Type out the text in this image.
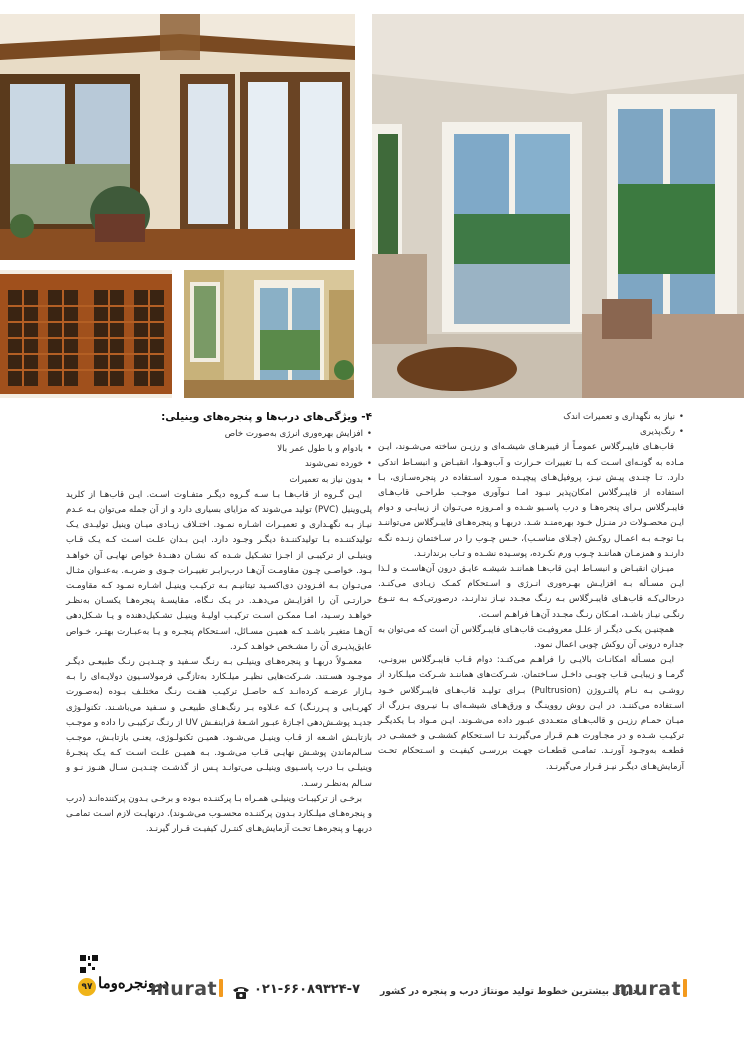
• نیاز به نگهداری و تعمیرات اندک
• رنگ‌پذیری

قاب‌هـای فایبـرگلاس عمومـاً از فیبرهـای شیشـه‌ای و رزیـن ساخته می‌شـوند، ایـن مـاده به گونـه‌ای اسـت کـه بـا تغییرات حـرارت و آب‌وهـوا، انقبـاض و انبسـاط اندکی دارد. تـا چنـدی پیـش نیـز، پروفیل‌هـای پیچیـده مـورد اسـتفاده در پنجره‌سـازی، بـا استفاده از فایبـرگلاس امکان‌پذیر نبـود امـا نـوآوری موجـب طراحـی قاب‌هـای فایبـرگلاس بـرای پنجره‌هـا و درب پاسـیو شـده و امـروزه می‌تـوان از زیبایـی و دوام ایـن محصـولات در منـزل خـود بهره‌منـد شـد. دربهـا و پنجره‌هـای فایبـرگلاس می‌تواننـد بـا توجـه بـه اعمـال روکـش (جـلای مناسـب)، حـس چـوب را در سـاختمان زنـده نگـه دارنـد و همزمـان هماننـد چـوب ورم نکـرده، پوسـیده نشـده و تـاب برندارنـد.

میـزان انقبـاض و انبسـاط ایـن قاب‌هـا هماننـد شیشـه عایـق درون آن‌هاسـت و لـذا ایـن مسـأله بـه افزایـش بهـره‌وری انـرژی و اسـتحکام کمـک زیـادی می‌کنـد. درحالی‌کـه قاب‌هـای فایبـرگلاس بـه رنـگ مجـدد نیـاز ندارنـد، درصورتی‌کـه بـه تنـوع رنگـی نیـاز باشـد، امـکان رنـگ مجـدد آن‌هـا فراهـم اسـت.

همچنیـن یکـی دیگـر از علـل معروفیـت قاب‌هـای فایبـرگلاس آن است که می‌توان به جداره درونی آن روکش چوبی اعمال نمود.

ایـن مسـأله امکانـات بالایـی را فراهـم می‌کنـد: دوام قـاب فایبـرگلاس بیرونـی، گرمـا و زیبایـی قـاب چوبـی داخـل سـاختمان. شـرکت‌های هماننـد شـرکت میلـکارد از روشـی بـه نـام پالتـروژن (Pultrusion) بـرای تولیـد قاب‌هـای فایبـرگلاس خـود اسـتفاده می‌کننـد. در ایـن روش رووینـگ و ورق‌هـای شیشـه‌ای بـا نیـروی بـزرگ از میـان حمـام رزیـن و قالب‌هـای متعـددی عبـور داده می‌شـوند. ایـن مـواد بـا یکدیگـر ترکیـب شـده و در مجـاورت هـم قـرار می‌گیرنـد تـا اسـتحکام کششـی و خمشـی در قطعـه به‌وجـود آورنـد. تمامـی قطعـات جهـت بررسـی کیفیـت و اسـتحکام تحـت آزمایش‌هـای دیگـر نیـز قـرار می‌گیرنـد.

۴- ویژگی‌های درب‌ها و پنجره‌های وینیلی:
• افزایش بهره‌وری انرژی به‌صورت خاص
• بادوام و با طول عمر بالا
• خورده نمی‌شوند
• بدون نیاز به تعمیرات

ایـن گـروه از قاب‌هـا بـا سـه گـروه دیگـر متفـاوت اسـت. ایـن قاب‌هـا از کلرید پلی‌وینیل (PVC) تولید می‌شوند که مزایای بسیاری دارد و از آن جمله می‌توان بـه عـدم نیـاز بـه نگهـداری و تعمیـرات اشـاره نمـود. اختـلاف زیـادی میـان وینیل تولیـدی یـک تولیدکننـده بـا تولیدکننـدۀ دیگـر وجـود دارد. ایـن بـدان علـت اسـت کـه یـک قـاب وینیلـی از ترکیبـی از اجـزا تشـکیل شـده که نشـان دهنـدۀ خواص نهایـی آن خواهـد بـود. خواصـی چـون مقاومـت آن‌هـا درب‌رابـر تغییـرات جـوی و ضربـه. به‌عنـوان مثـال می‌تـوان بـه افـزودن دی‌اکسـید تیتانیـم بـه ترکیـب وینیـل اشـاره نمـود کـه مقاومـت حرارتـی آن را افزایـش می‌دهـد. در یـک نـگاه، مقایسـۀ پنجره‌هـا یکسـان به‌نظـر خواهـد رسـید، امـا ممکـن اسـت ترکیـب اولیـۀ وینیـل تشـکیل‌دهنده و یـا شـکل‌دهی آن‌هـا متغیـر باشـد کـه همیـن مسـائل، اسـتحکام پنجـره و یـا به‌عبـارت بهتـر، خـواص عایق‌پذیـری آن را مشـخص خواهـد کـرد.

معمـولاً دربهـا و پنجره‌هـای وینیلـی بـه رنـگ سـفید و چنـدیـن رنـگ طبیعـی دیگـر موجـود هسـتند. شـرکت‌هایی نظیـر میلـکارد به‌تازگـی فرمولاسـیون دولایـه‌ای را بـه بـازار عرضـه کرده‌انـد کـه حاصـل ترکیـب هفـت رنـگ مختلـف بـوده (به‌صـورت کهربـایی و پـررنـگ) کـه عـلاوه بـر رنگ‌هـای طبیعـی و سـفید می‌باشـند. تکنولـوژی جدیـد پوشـش‌دهی اجـازۀ عبـور اشـعۀ فرابنفـش UV از رنـگ ترکیبـی را داده و موجـب بازتابـش اشـعه از قـاب وینیـل می‌شـود. همیـن تکنولـوژی، یعنـی بازتابـش، موجـب سـالم‌ماندن پوشـش نهایـی قـاب می‌شـود. بـه همیـن علـت اسـت کـه یـک پنجـرۀ وینیلـی بـا درب پاسـیوی وینیلـی می‌توانـد پـس از گذشـت چنـدیـن سـال هنـوز نـو و سـالم به‌نظـر رسـد.

برخـی از ترکیبـات وینیلـی همـراه بـا پرکننـده بـوده و برخـی بـدون پرکننده‌انـد (درب و پنجره‌هـای میلـکارد بـدون پرکننـده محسـوب می‌شـوند). درنهایـت لازم اسـت تمامـی دربهـا و پنجره‌هـا تحـت آزمایش‌هـای کنتـرل کیفیـت قـرار گیرنـد.

۹۷ درونجره‌وما
murat	۰۲۱-۶۶۰۸۹۳۲۴-۷ دارای بیشترین خطوط تولید مونتاژ درب و پنجره در کشور
murat
